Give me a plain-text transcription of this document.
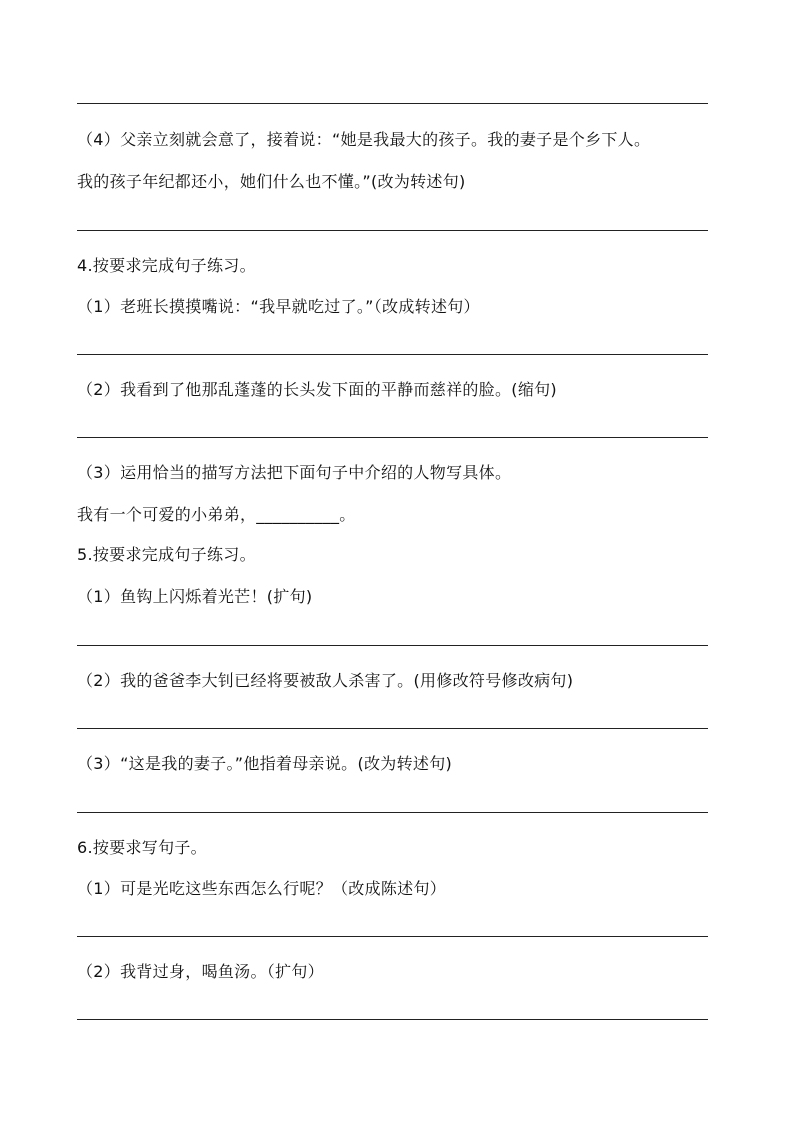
（4）父亲立刻就会意了，接着说：“她是我最大的孩子。我的妻子是个乡下人。
我的孩子年纪都还小，她们什么也不懂。”(改为转述句)
4.按要求完成句子练习。
（1）老班长摸摸嘴说：“我早就吃过了。”（改成转述句）
（2）我看到了他那乱蓬蓬的长头发下面的平静而慈祥的脸。(缩句)
（3）运用恰当的描写方法把下面句子中介绍的人物写具体。
我有一个可爱的小弟弟，__________。
5.按要求完成句子练习。
（1）鱼钩上闪烁着光芒！(扩句)
（2）我的爸爸李大钊已经将要被敌人杀害了。(用修改符号修改病句)
（3）“这是我的妻子。”他指着母亲说。(改为转述句)
6.按要求写句子。
（1）可是光吃这些东西怎么行呢？（改成陈述句）
（2）我背过身，喝鱼汤。（扩句）
